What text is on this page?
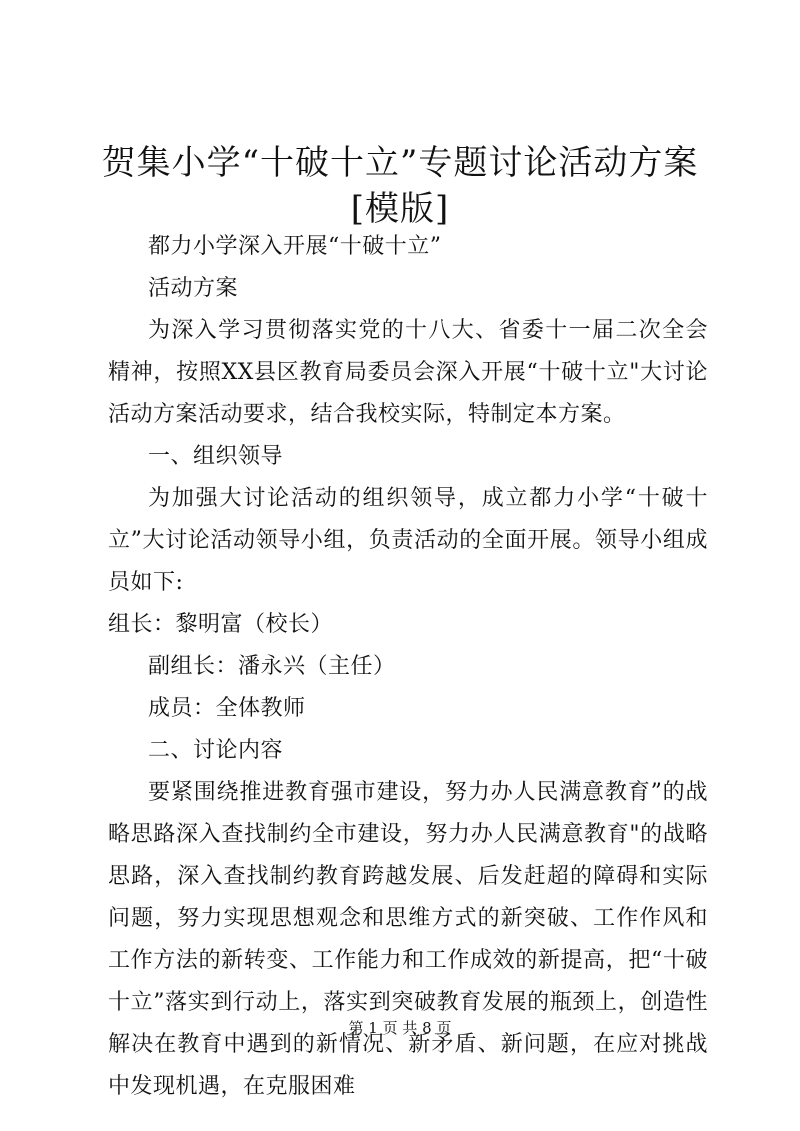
贺集小学“十破十立”专题讨论活动方案[模版]

都力小学深入开展“十破十立”

活动方案

为深入学习贯彻落实党的十八大、省委十一届二次全会精神，按照XX县区教育局委员会深入开展“十破十立"大讨论活动方案活动要求，结合我校实际，特制定本方案。

一、组织领导

为加强大讨论活动的组织领导，成立都力小学“十破十立”大讨论活动领导小组，负责活动的全面开展。领导小组成员如下:

组长：黎明富（校长）

副组长：潘永兴（主任）

成员：全体教师

二、讨论内容

要紧围绕推进教育强市建设，努力办人民满意教育”的战略思路深入查找制约全市建设，努力办人民满意教育"的战略思路，深入查找制约教育跨越发展、后发赶超的障碍和实际问题，努力实现思想观念和思维方式的新突破、工作作风和工作方法的新转变、工作能力和工作成效的新提高，把“十破十立”落实到行动上，落实到突破教育发展的瓶颈上，创造性解决在教育中遇到的新情况、新矛盾、新问题，在应对挑战中发现机遇，在克服困难

第 1 页 共 8 页
